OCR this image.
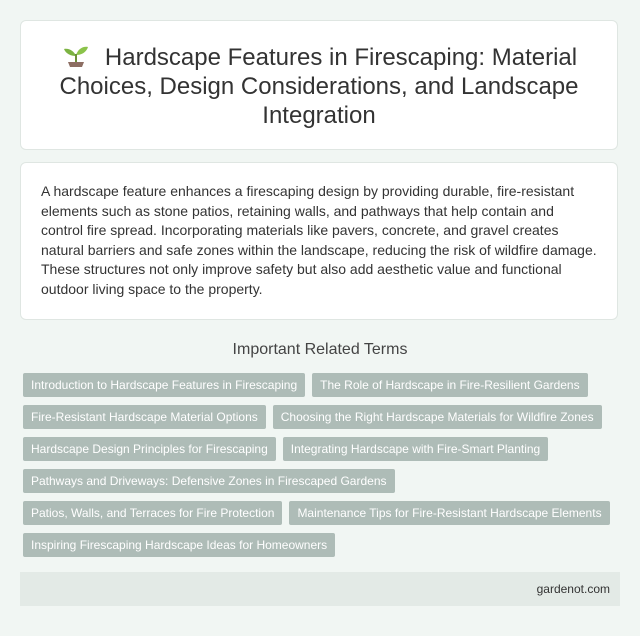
Hardscape Features in Firescaping: Material Choices, Design Considerations, and Landscape Integration

A hardscape feature enhances a firescaping design by providing durable, fire-resistant elements such as stone patios, retaining walls, and pathways that help contain and control fire spread. Incorporating materials like pavers, concrete, and gravel creates natural barriers and safe zones within the landscape, reducing the risk of wildfire damage. These structures not only improve safety but also add aesthetic value and functional outdoor living space to the property.

Important Related Terms
Introduction to Hardscape Features in Firescaping	The Role of Hardscape in Fire-Resilient Gardens
Fire-Resistant Hardscape Material Options	Choosing the Right Hardscape Materials for Wildfire Zones
Hardscape Design Principles for Firescaping	Integrating Hardscape with Fire-Smart Planting
Pathways and Driveways: Defensive Zones in Firescaped Gardens
Patios, Walls, and Terraces for Fire Protection	Maintenance Tips for Fire-Resistant Hardscape Elements
Inspiring Firescaping Hardscape Ideas for Homeowners
gardenot.com
